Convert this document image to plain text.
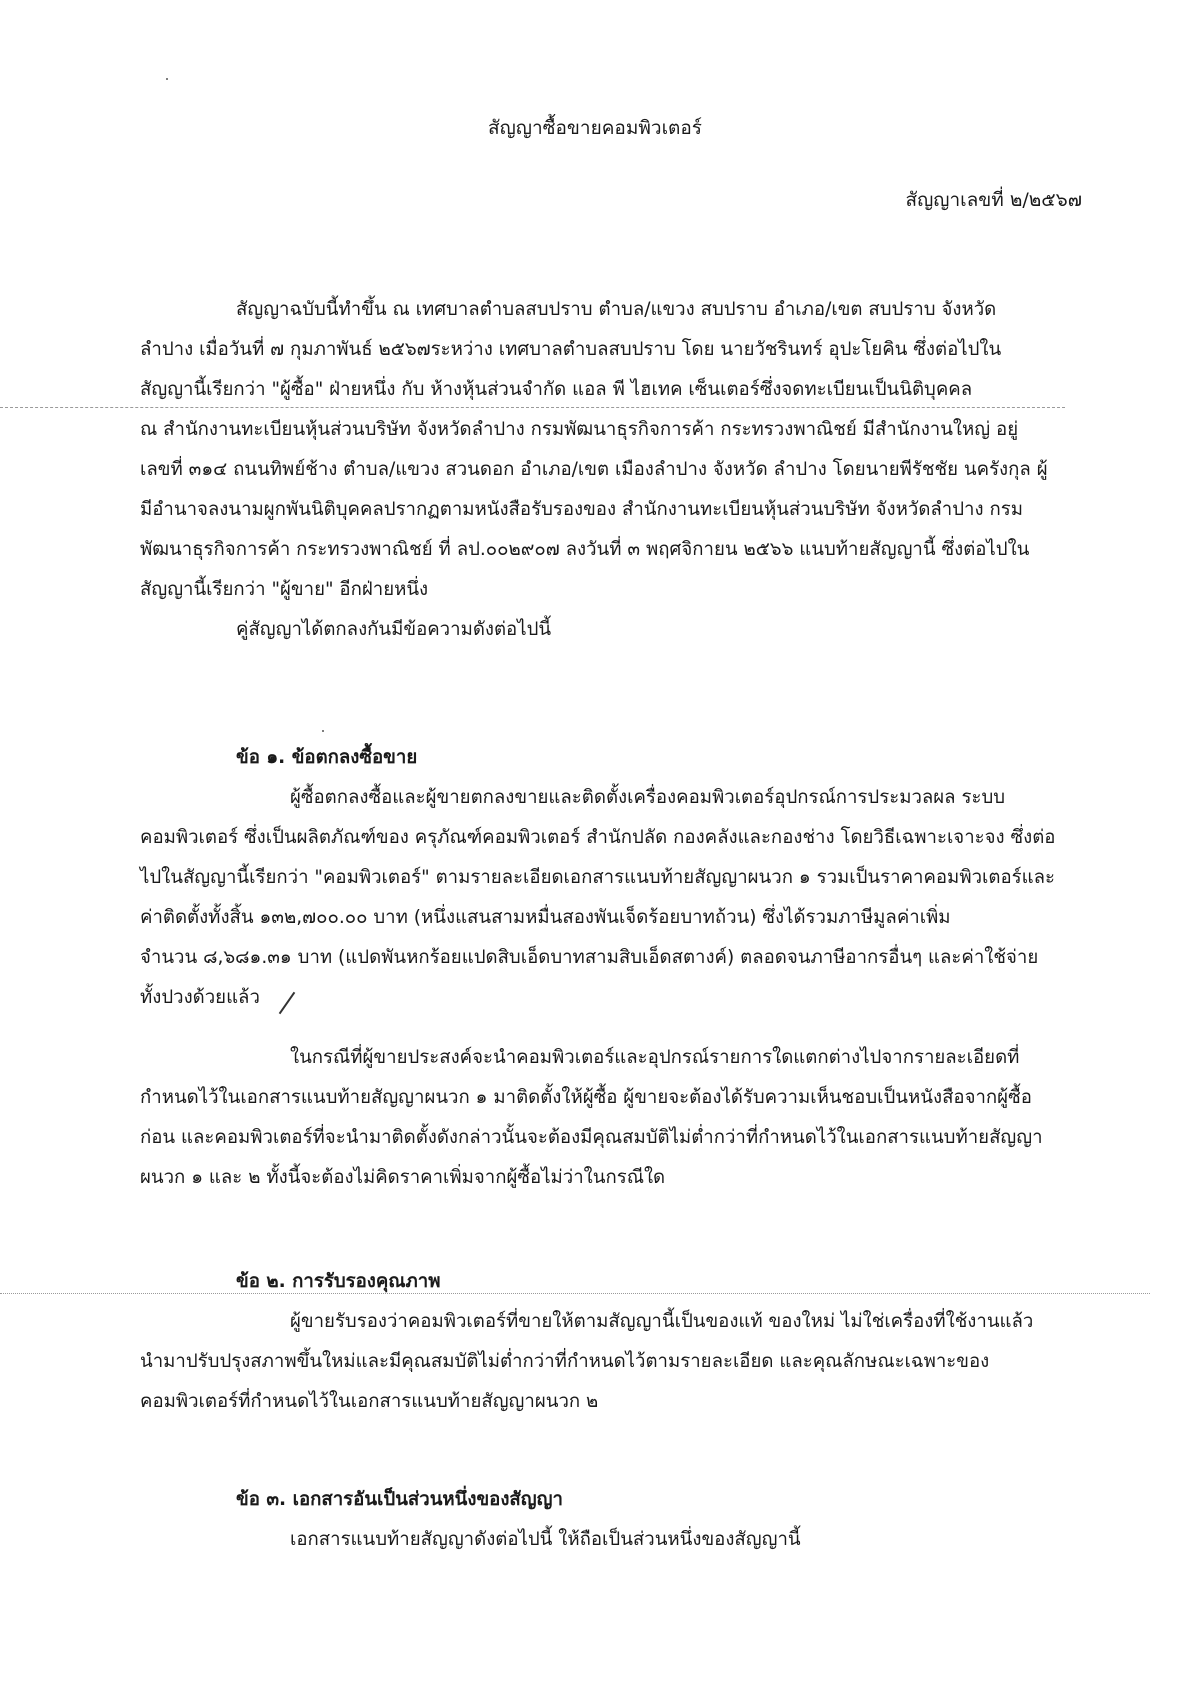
สัญญาซื้อขายคอมพิวเตอร์
สัญญาเลขที่ ๒/๒๕๖๗
สัญญาฉบับนี้ทำขึ้น ณ เทศบาลตำบลสบปราบ ตำบล/แขวง สบปราบ อำเภอ/เขต สบปราบ จังหวัด
ลำปาง เมื่อวันที่ ๗ กุมภาพันธ์ ๒๕๖๗ระหว่าง เทศบาลตำบลสบปราบ โดย นายวัชรินทร์ อุปะโยคิน ซึ่งต่อไปใน
สัญญานี้เรียกว่า "ผู้ซื้อ" ฝ่ายหนึ่ง กับ ห้างหุ้นส่วนจำกัด แอล พี ไฮเทค เซ็นเตอร์ซึ่งจดทะเบียนเป็นนิติบุคคล
ณ สำนักงานทะเบียนหุ้นส่วนบริษัท จังหวัดลำปาง กรมพัฒนาธุรกิจการค้า กระทรวงพาณิชย์ มีสำนักงานใหญ่ อยู่
เลขที่ ๓๑๔ ถนนทิพย์ช้าง ตำบล/แขวง สวนดอก อำเภอ/เขต เมืองลำปาง จังหวัด ลำปาง โดยนายพีรัชชัย นครังกุล ผู้
มีอำนาจลงนามผูกพันนิติบุคคลปรากฏตามหนังสือรับรองของ สำนักงานทะเบียนหุ้นส่วนบริษัท จังหวัดลำปาง กรม
พัฒนาธุรกิจการค้า กระทรวงพาณิชย์ ที่ ลป.๐๐๒๙๐๗ ลงวันที่ ๓ พฤศจิกายน ๒๕๖๖ แนบท้ายสัญญานี้ ซึ่งต่อไปใน
สัญญานี้เรียกว่า "ผู้ขาย" อีกฝ่ายหนึ่ง
คู่สัญญาได้ตกลงกันมีข้อความดังต่อไปนี้
ข้อ ๑. ข้อตกลงซื้อขาย
ผู้ซื้อตกลงซื้อและผู้ขายตกลงขายและติดตั้งเครื่องคอมพิวเตอร์อุปกรณ์การประมวลผล ระบบ
คอมพิวเตอร์ ซึ่งเป็นผลิตภัณฑ์ของ ครุภัณฑ์คอมพิวเตอร์ สำนักปลัด กองคลังและกองช่าง โดยวิธีเฉพาะเจาะจง ซึ่งต่อ
ไปในสัญญานี้เรียกว่า "คอมพิวเตอร์" ตามรายละเอียดเอกสารแนบท้ายสัญญาผนวก ๑ รวมเป็นราคาคอมพิวเตอร์และ
ค่าติดตั้งทั้งสิ้น ๑๓๒,๗๐๐.๐๐ บาท (หนึ่งแสนสามหมื่นสองพันเจ็ดร้อยบาทถ้วน) ซึ่งได้รวมภาษีมูลค่าเพิ่ม
จำนวน ๘,๖๘๑.๓๑ บาท (แปดพันหกร้อยแปดสิบเอ็ดบาทสามสิบเอ็ดสตางค์) ตลอดจนภาษีอากรอื่นๆ และค่าใช้จ่าย
ทั้งปวงด้วยแล้ว
ในกรณีที่ผู้ขายประสงค์จะนำคอมพิวเตอร์และอุปกรณ์รายการใดแตกต่างไปจากรายละเอียดที่
กำหนดไว้ในเอกสารแนบท้ายสัญญาผนวก ๑ มาติดตั้งให้ผู้ซื้อ ผู้ขายจะต้องได้รับความเห็นชอบเป็นหนังสือจากผู้ซื้อ
ก่อน และคอมพิวเตอร์ที่จะนำมาติดตั้งดังกล่าวนั้นจะต้องมีคุณสมบัติไม่ต่ำกว่าที่กำหนดไว้ในเอกสารแนบท้ายสัญญา
ผนวก ๑ และ ๒ ทั้งนี้จะต้องไม่คิดราคาเพิ่มจากผู้ซื้อไม่ว่าในกรณีใด
ข้อ ๒. การรับรองคุณภาพ
ผู้ขายรับรองว่าคอมพิวเตอร์ที่ขายให้ตามสัญญานี้เป็นของแท้ ของใหม่ ไม่ใช่เครื่องที่ใช้งานแล้ว
นำมาปรับปรุงสภาพขึ้นใหม่และมีคุณสมบัติไม่ต่ำกว่าที่กำหนดไว้ตามรายละเอียด และคุณลักษณะเฉพาะของ
คอมพิวเตอร์ที่กำหนดไว้ในเอกสารแนบท้ายสัญญาผนวก ๒
ข้อ ๓. เอกสารอันเป็นส่วนหนึ่งของสัญญา
เอกสารแนบท้ายสัญญาดังต่อไปนี้ ให้ถือเป็นส่วนหนึ่งของสัญญานี้
